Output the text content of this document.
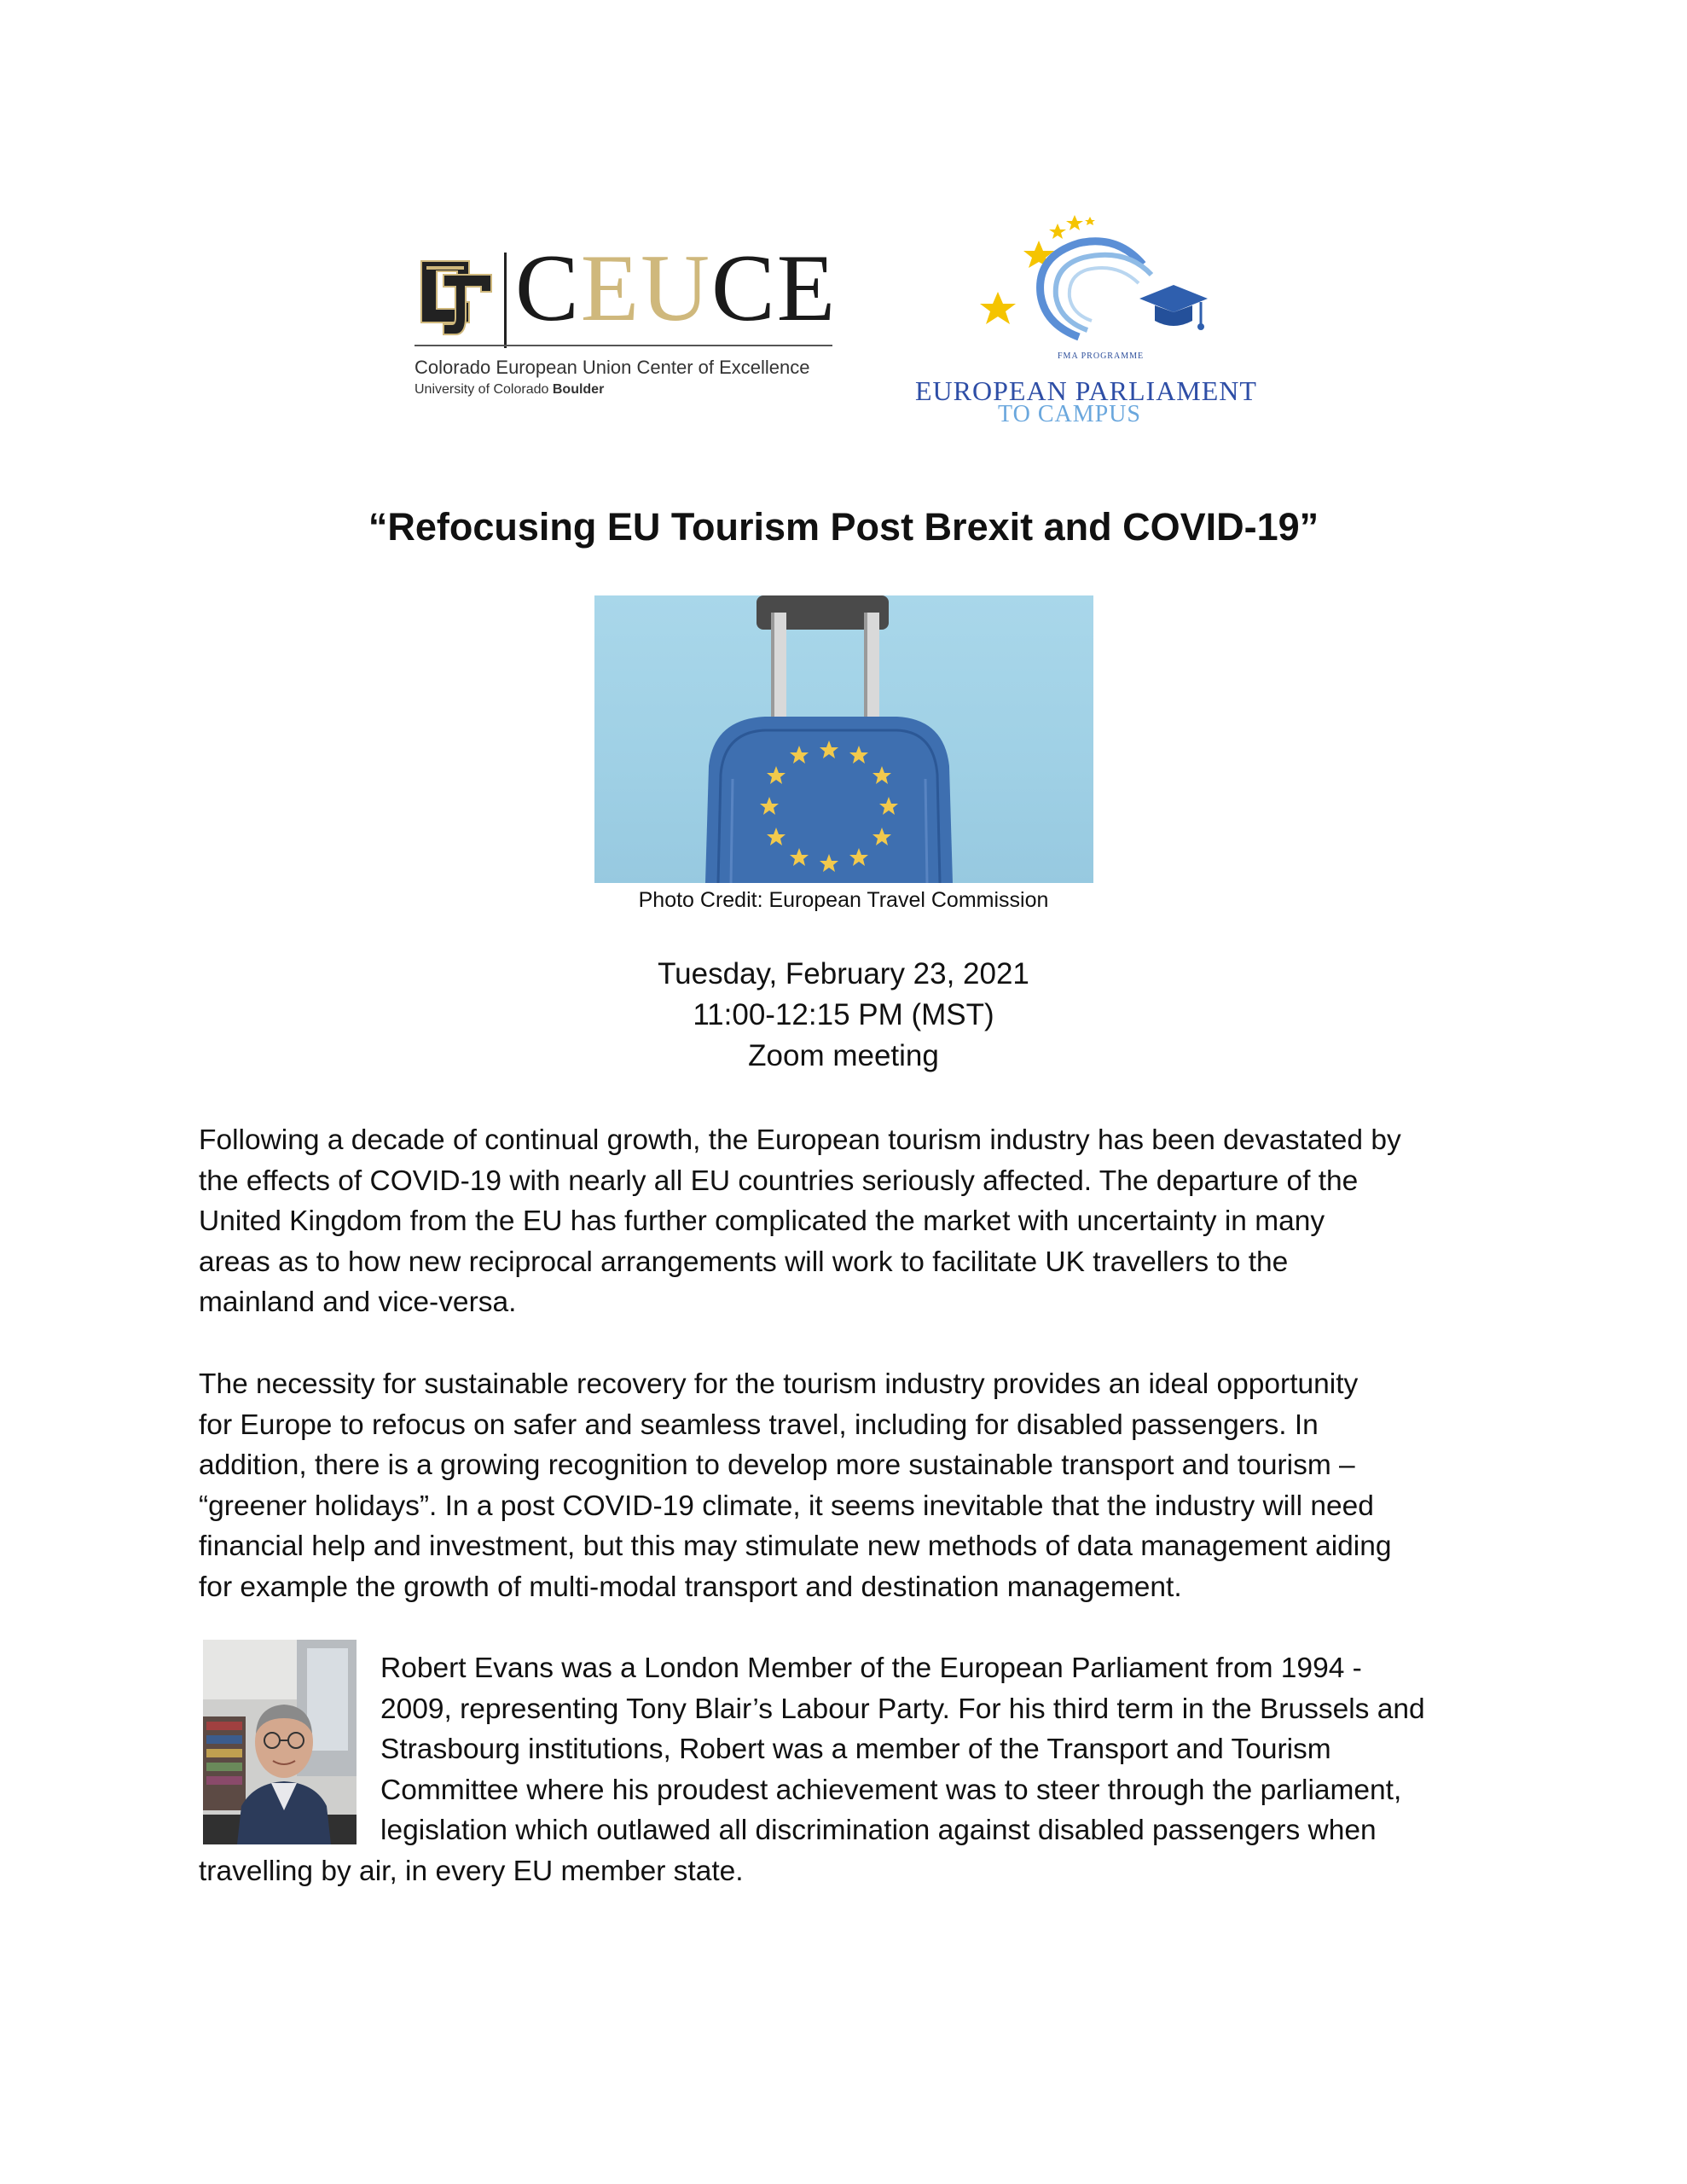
CEUCE
Colorado European Union Center of Excellence
University of Colorado Boulder
FMA PROGRAMME
EUROPEAN PARLIAMENT
TO CAMPUS
“Refocusing EU Tourism Post Brexit and COVID-19”
Photo Credit: European Travel Commission
Tuesday, February 23, 2021
11:00-12:15 PM (MST)
Zoom meeting
Following a decade of continual growth, the European tourism industry has been devastated by
the effects of COVID-19 with nearly all EU countries seriously affected. The departure of the
United Kingdom from the EU has further complicated the market with uncertainty in many
areas as to how new reciprocal arrangements will work to facilitate UK travellers to the
mainland and vice-versa.
The necessity for sustainable recovery for the tourism industry provides an ideal opportunity
for Europe to refocus on safer and seamless travel, including for disabled passengers. In
addition, there is a growing recognition to develop more sustainable transport and tourism –
“greener holidays”. In a post COVID-19 climate, it seems inevitable that the industry will need
financial help and investment, but this may stimulate new methods of data management aiding
for example the growth of multi-modal transport and destination management.
Robert Evans was a London Member of the European Parliament from 1994 -
2009, representing Tony Blair’s Labour Party. For his third term in the Brussels and
Strasbourg institutions, Robert was a member of the Transport and Tourism
Committee where his proudest achievement was to steer through the parliament,
legislation which outlawed all discrimination against disabled passengers when
travelling by air, in every EU member state.
